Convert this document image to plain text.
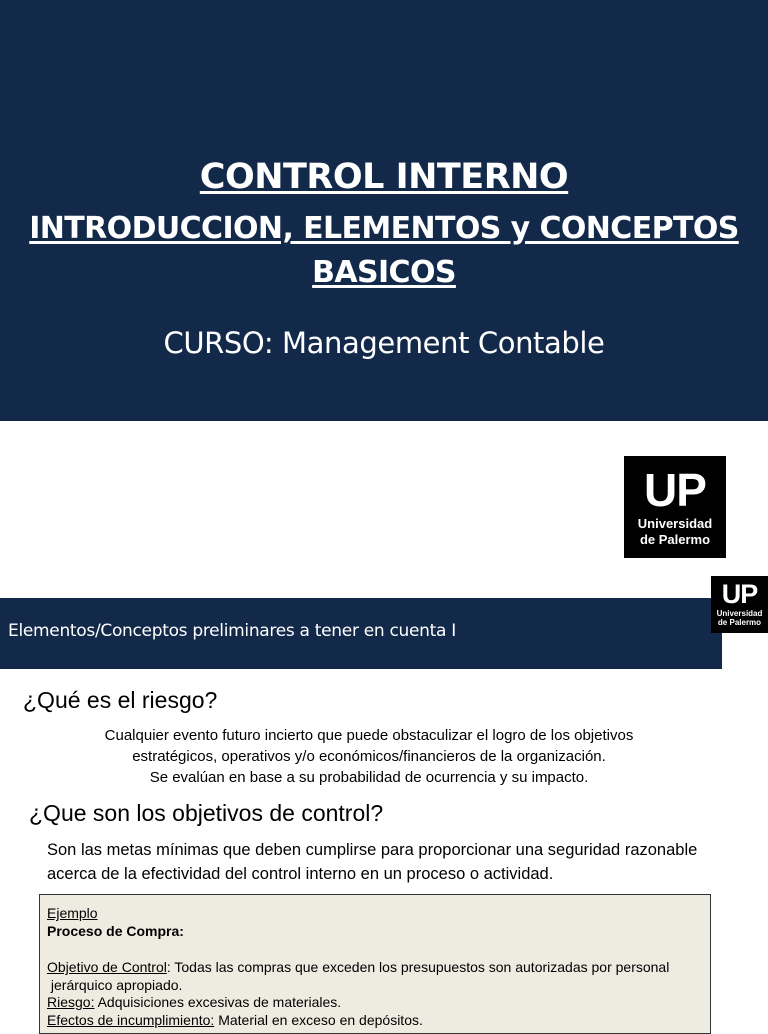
CONTROL INTERNO
INTRODUCCION, ELEMENTOS y CONCEPTOS BASICOS
CURSO: Management Contable
UP
Universidad
de Palermo
Elementos/Conceptos preliminares a tener en cuenta I
UP
Universidad
de Palermo
¿Qué es el riesgo?
Cualquier evento futuro incierto que puede obstaculizar el logro de los objetivos
estratégicos, operativos y/o económicos/financieros de la organización.
Se evalúan en base a su probabilidad de ocurrencia y su impacto.
¿Que son los objetivos de control?
Son las metas mínimas que deben cumplirse para proporcionar una seguridad razonable
acerca de la efectividad del control interno en un proceso o actividad.
Ejemplo
Proceso de Compra:
Objetivo de Control: Todas las compras que exceden los presupuestos son autorizadas por personal
jerárquico apropiado.
Riesgo: Adquisiciones excesivas de materiales.
Efectos de incumplimiento: Material en exceso en depósitos.
